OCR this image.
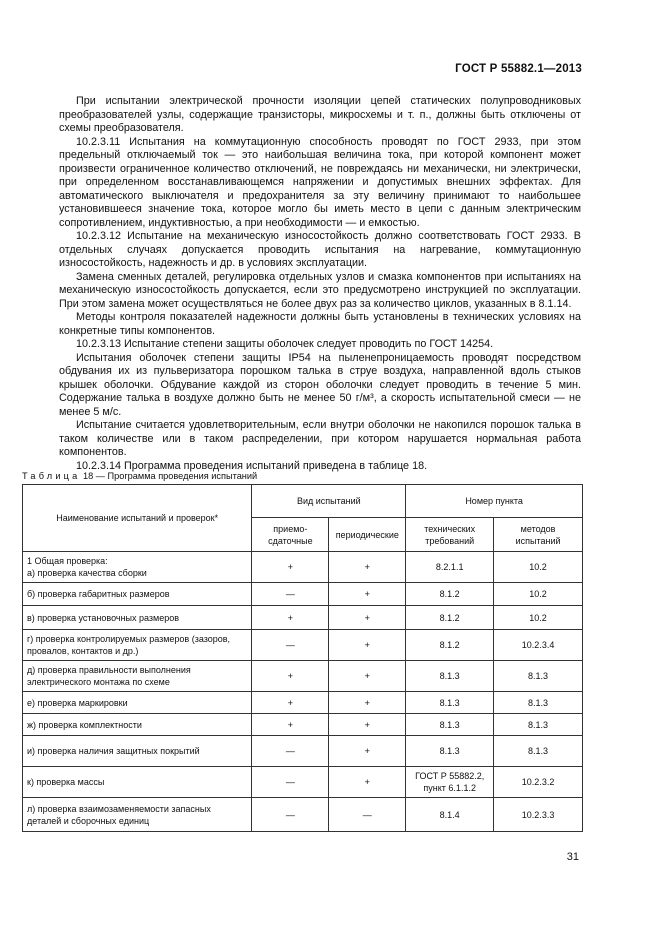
ГОСТ Р 55882.1—2013

При испытании электрической прочности изоляции цепей статических полупроводниковых преобразователей узлы, содержащие транзисторы, микросхемы и т. п., должны быть отключены от схемы преобразователя.

10.2.3.11 Испытания на коммутационную способность проводят по ГОСТ 2933, при этом предельный отключаемый ток — это наибольшая величина тока, при которой компонент может произвести ограниченное количество отключений, не повреждаясь ни механически, ни электрически, при определенном восстанавливающемся напряжении и допустимых внешних эффектах. Для автоматического выключателя и предохранителя за эту величину принимают то наибольшее установившееся значение тока, которое могло бы иметь место в цепи с данным электрическим сопротивлением, индуктивностью, а при необходимости — и емкостью.

10.2.3.12 Испытание на механическую износостойкость должно соответствовать ГОСТ 2933. В отдельных случаях допускается проводить испытания на нагревание, коммутационную износостойкость, надежность и др. в условиях эксплуатации.

Замена сменных деталей, регулировка отдельных узлов и смазка компонентов при испытаниях на механическую износостойкость допускается, если это предусмотрено инструкцией по эксплуатации. При этом замена может осуществляться не более двух раз за количество циклов, указанных в 8.1.14.

Методы контроля показателей надежности должны быть установлены в технических условиях на конкретные типы компонентов.

10.2.3.13 Испытание степени защиты оболочек следует проводить по ГОСТ 14254.

Испытания оболочек степени защиты IP54 на пыленепроницаемость проводят посредством обдувания их из пульверизатора порошком талька в струе воздуха, направленной вдоль стыков крышек оболочки. Обдувание каждой из сторон оболочки следует проводить в течение 5 мин. Содержание талька в воздухе должно быть не менее 50 г/м³, а скорость испытательной смеси — не менее 5 м/с.

Испытание считается удовлетворительным, если внутри оболочки не накопился порошок талька в таком количестве или в таком распределении, при котором нарушается нормальная работа компонентов.

10.2.3.14 Программа проведения испытаний приведена в таблице 18.

Таблица 18 — Программа проведения испытаний
Наименование испытаний и проверок*	Вид испытаний		Номер пункта	
	приемо-сдаточные	периодические	технических требований	методов испытаний
1 Общая проверка:
а) проверка качества сборки	+	+	8.2.1.1	10.2
б) проверка габаритных размеров	—	+	8.1.2	10.2
в) проверка установочных размеров	+	+	8.1.2	10.2
г) проверка контролируемых размеров (зазоров, провалов, контактов и др.)	—	+	8.1.2	10.2.3.4
д) проверка правильности выполнения электрического монтажа по схеме	+	+	8.1.3	8.1.3
е) проверка маркировки	+	+	8.1.3	8.1.3
ж) проверка комплектности	+	+	8.1.3	8.1.3
и) проверка наличия защитных покрытий	—	+	8.1.3	8.1.3
к) проверка массы	—	+	ГОСТ Р 55882.2, пункт 6.1.1.2	10.2.3.2
л) проверка взаимозаменяемости запасных деталей и сборочных единиц	—	—	8.1.4	10.2.3.3
31
